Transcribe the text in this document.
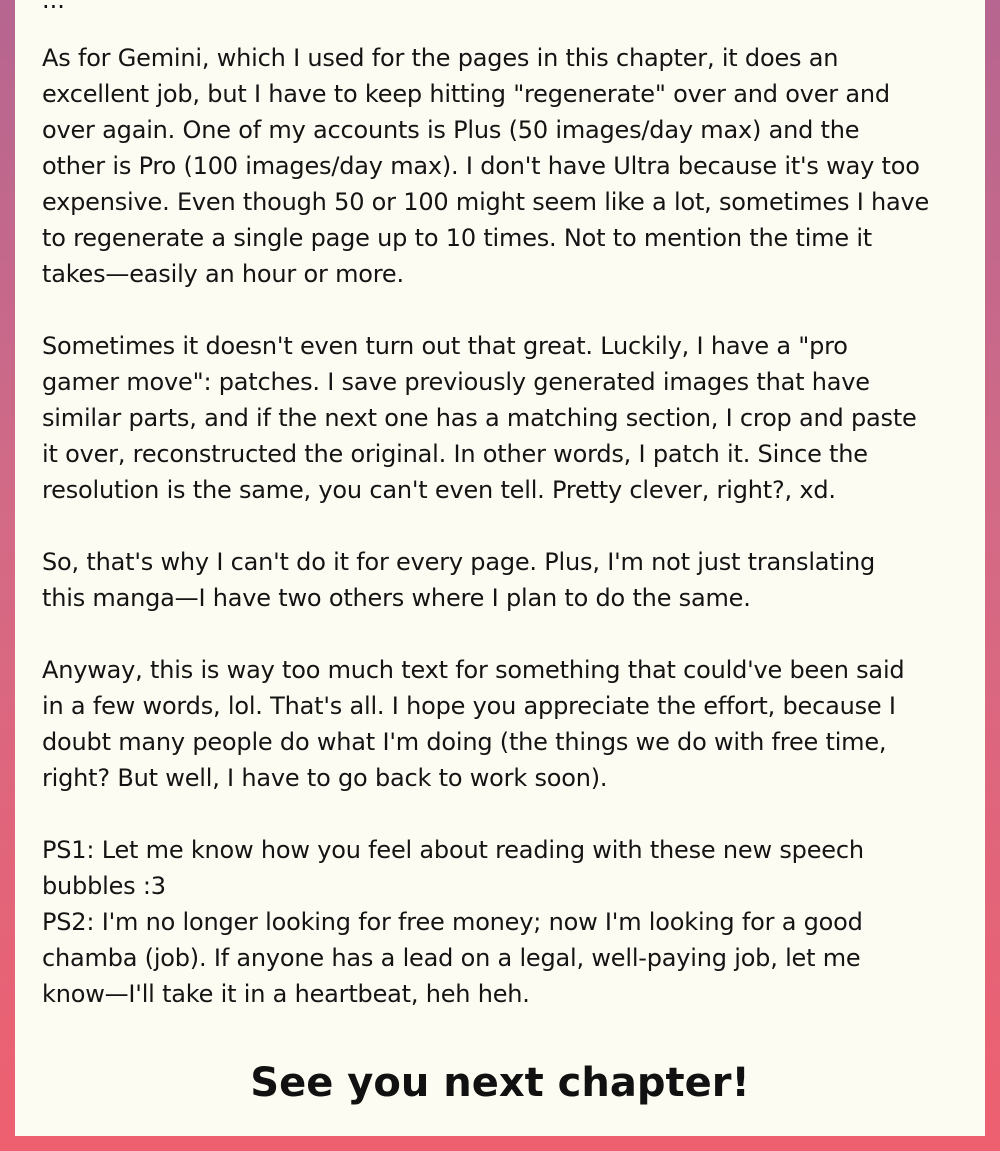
...

As for Gemini, which I used for the pages in this chapter, it does an
excellent job, but I have to keep hitting "regenerate" over and over and
over again. One of my accounts is Plus (50 images/day max) and the
other is Pro (100 images/day max). I don't have Ultra because it's way too
expensive. Even though 50 or 100 might seem like a lot, sometimes I have
to regenerate a single page up to 10 times. Not to mention the time it
takes—easily an hour or more.

Sometimes it doesn't even turn out that great. Luckily, I have a "pro
gamer move": patches. I save previously generated images that have
similar parts, and if the next one has a matching section, I crop and paste
it over, reconstructed the original. In other words, I patch it. Since the
resolution is the same, you can't even tell. Pretty clever, right?, xd.

So, that's why I can't do it for every page. Plus, I'm not just translating
this manga—I have two others where I plan to do the same.

Anyway, this is way too much text for something that could've been said
in a few words, lol. That's all. I hope you appreciate the effort, because I
doubt many people do what I'm doing (the things we do with free time,
right? But well, I have to go back to work soon).

PS1: Let me know how you feel about reading with these new speech
bubbles :3
PS2: I'm no longer looking for free money; now I'm looking for a good
chamba (job). If anyone has a lead on a legal, well-paying job, let me
know—I'll take it in a heartbeat, heh heh.

See you next chapter!
